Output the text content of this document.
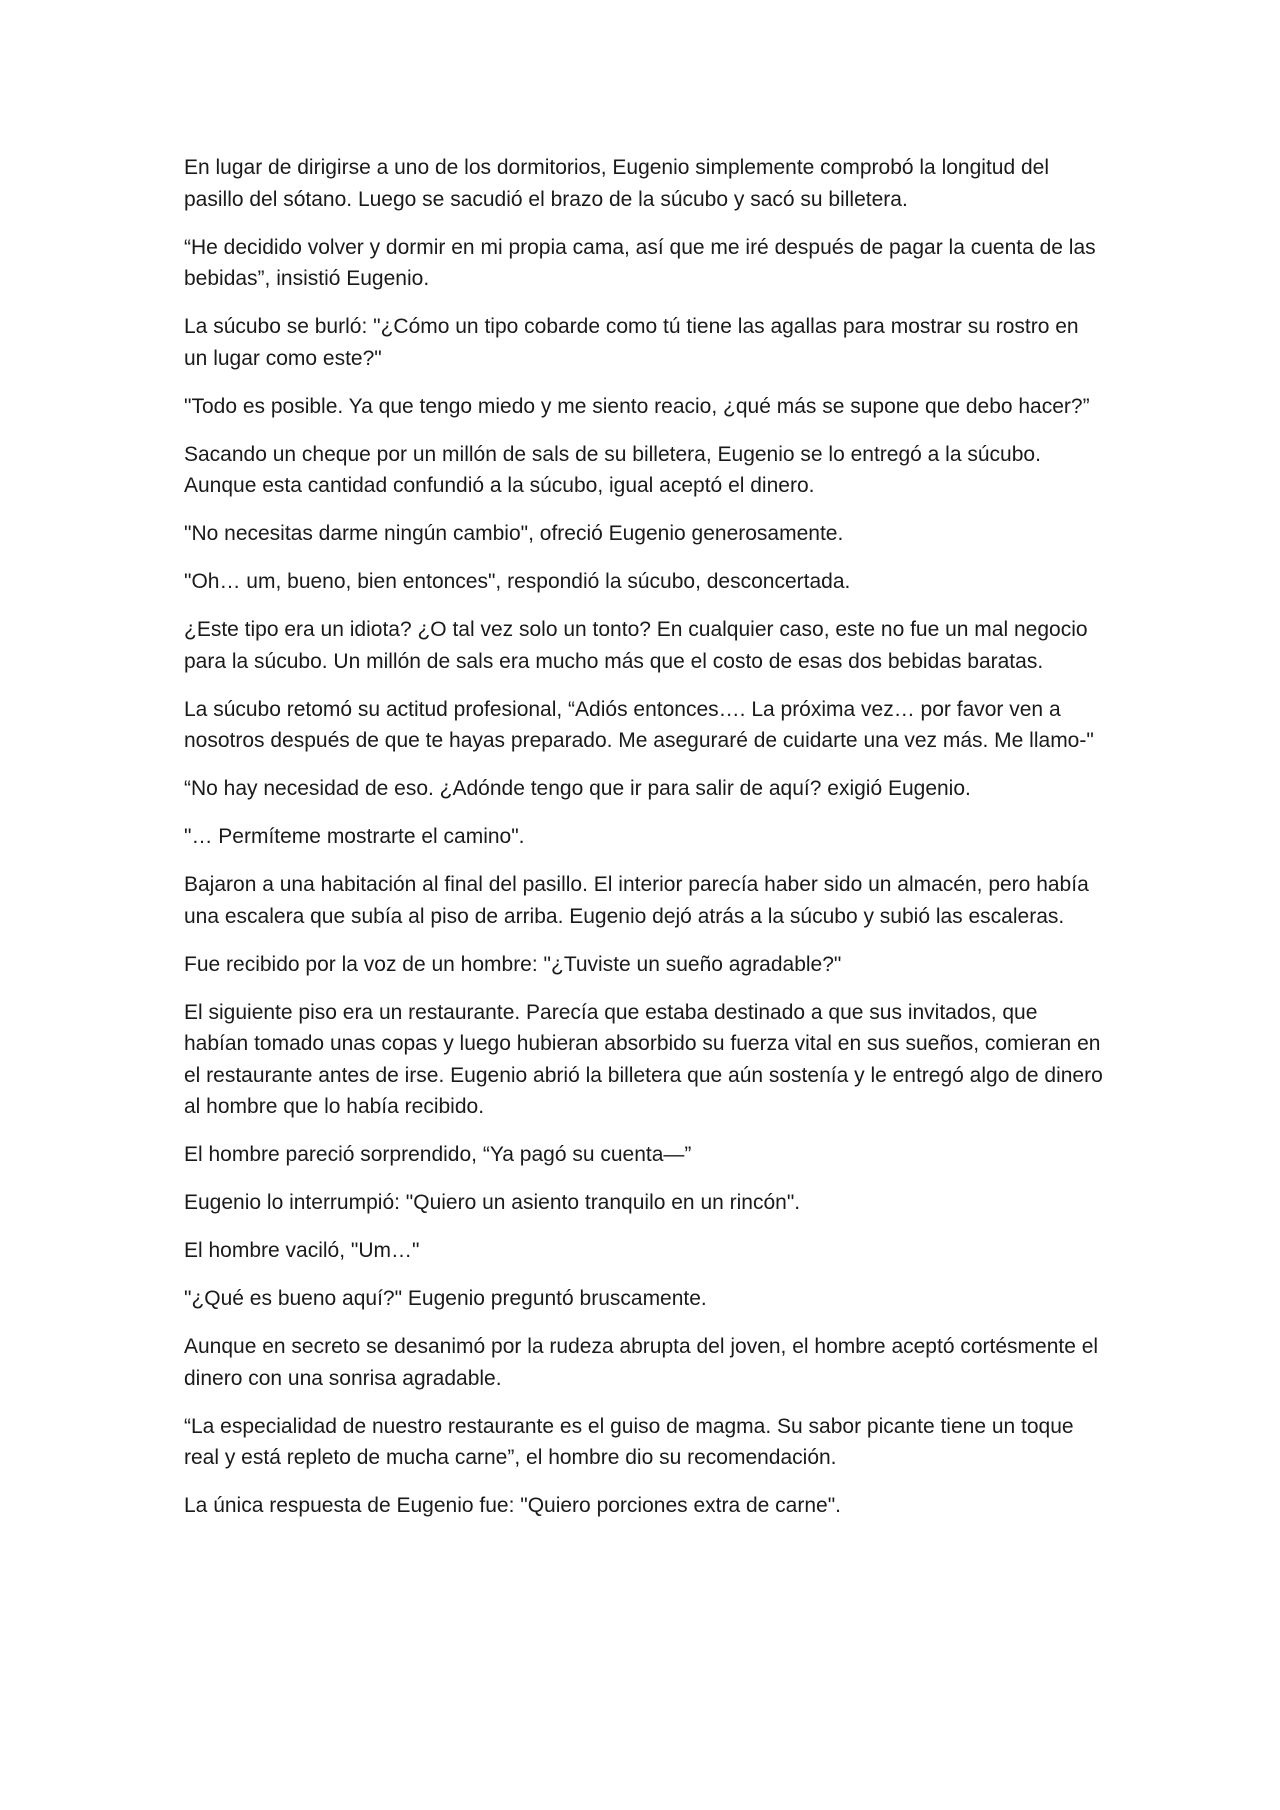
En lugar de dirigirse a uno de los dormitorios, Eugenio simplemente comprobó la longitud del pasillo del sótano. Luego se sacudió el brazo de la súcubo y sacó su billetera.

“He decidido volver y dormir en mi propia cama, así que me iré después de pagar la cuenta de las bebidas”, insistió Eugenio.

La súcubo se burló: "¿Cómo un tipo cobarde como tú tiene las agallas para mostrar su rostro en un lugar como este?"

"Todo es posible. Ya que tengo miedo y me siento reacio, ¿qué más se supone que debo hacer?”

Sacando un cheque por un millón de sals de su billetera, Eugenio se lo entregó a la súcubo. Aunque esta cantidad confundió a la súcubo, igual aceptó el dinero.

"No necesitas darme ningún cambio", ofreció Eugenio generosamente.

"Oh… um, bueno, bien entonces", respondió la súcubo, desconcertada.

¿Este tipo era un idiota? ¿O tal vez solo un tonto? En cualquier caso, este no fue un mal negocio para la súcubo. Un millón de sals era mucho más que el costo de esas dos bebidas baratas.

La súcubo retomó su actitud profesional, “Adiós entonces…. La próxima vez… por favor ven a nosotros después de que te hayas preparado. Me aseguraré de cuidarte una vez más. Me llamo-"

“No hay necesidad de eso. ¿Adónde tengo que ir para salir de aquí? exigió Eugenio.

"… Permíteme mostrarte el camino".

Bajaron a una habitación al final del pasillo. El interior parecía haber sido un almacén, pero había una escalera que subía al piso de arriba. Eugenio dejó atrás a la súcubo y subió las escaleras.

Fue recibido por la voz de un hombre: "¿Tuviste un sueño agradable?"

El siguiente piso era un restaurante. Parecía que estaba destinado a que sus invitados, que habían tomado unas copas y luego hubieran absorbido su fuerza vital en sus sueños, comieran en el restaurante antes de irse. Eugenio abrió la billetera que aún sostenía y le entregó algo de dinero al hombre que lo había recibido.

El hombre pareció sorprendido, “Ya pagó su cuenta—”

Eugenio lo interrumpió: "Quiero un asiento tranquilo en un rincón".

El hombre vaciló, "Um…"

"¿Qué es bueno aquí?" Eugenio preguntó bruscamente.

Aunque en secreto se desanimó por la rudeza abrupta del joven, el hombre aceptó cortésmente el dinero con una sonrisa agradable.

“La especialidad de nuestro restaurante es el guiso de magma. Su sabor picante tiene un toque real y está repleto de mucha carne”, el hombre dio su recomendación.

La única respuesta de Eugenio fue: "Quiero porciones extra de carne".
